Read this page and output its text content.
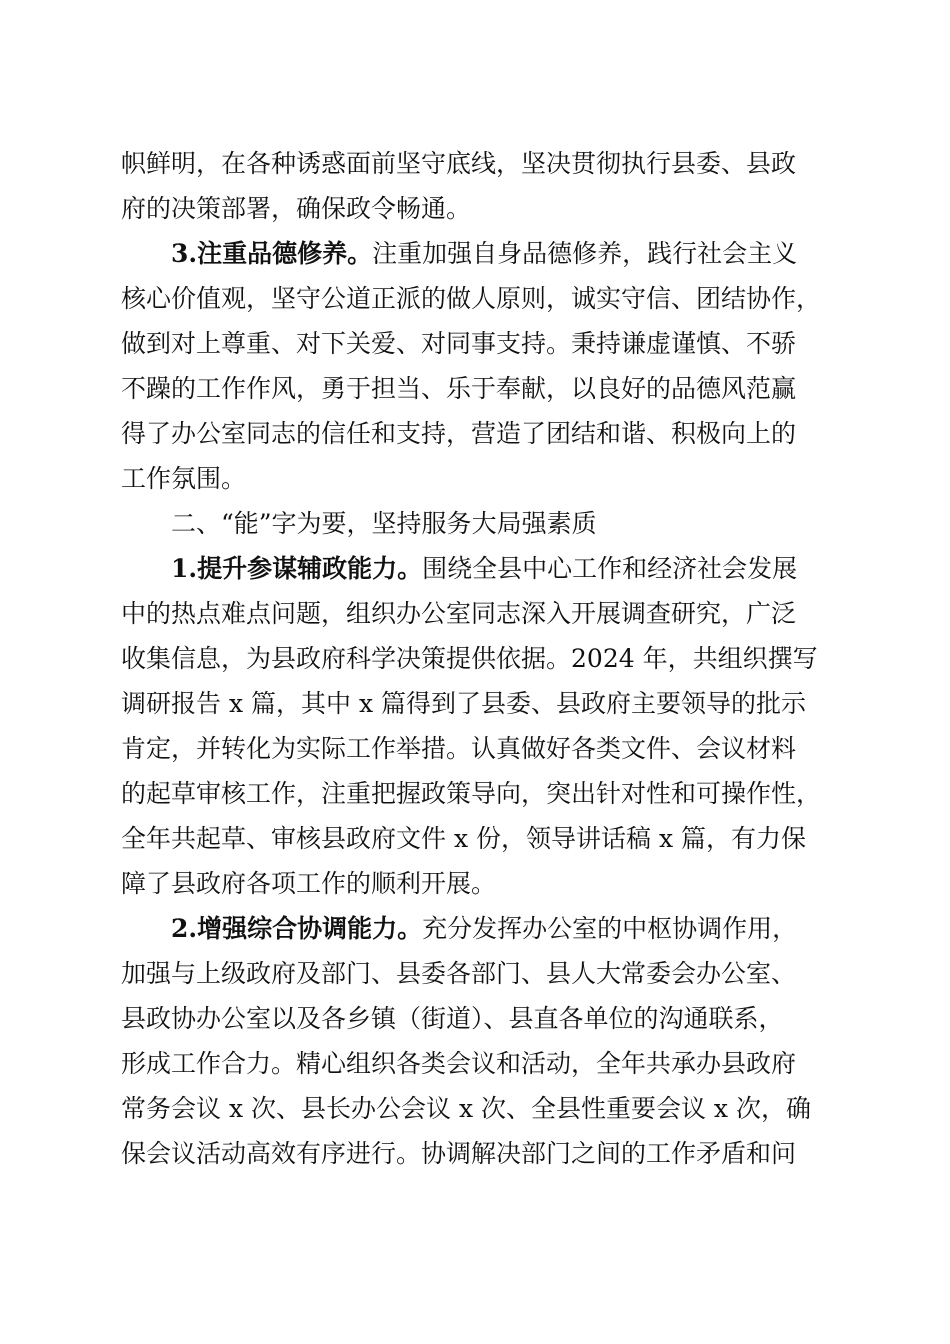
帜鲜明，在各种诱惑面前坚守底线，坚决贯彻执行县委、县政
府的决策部署，确保政令畅通。
3.注重品德修养。注重加强自身品德修养，践行社会主义
核心价值观，坚守公道正派的做人原则，诚实守信、团结协作，
做到对上尊重、对下关爱、对同事支持。秉持谦虚谨慎、不骄
不躁的工作作风，勇于担当、乐于奉献，以良好的品德风范赢
得了办公室同志的信任和支持，营造了团结和谐、积极向上的
工作氛围。
二、“能”字为要，坚持服务大局强素质
1.提升参谋辅政能力。围绕全县中心工作和经济社会发展
中的热点难点问题，组织办公室同志深入开展调查研究，广泛
收集信息，为县政府科学决策提供依据。2024 年，共组织撰写
调研报告 x 篇，其中 x 篇得到了县委、县政府主要领导的批示
肯定，并转化为实际工作举措。认真做好各类文件、会议材料
的起草审核工作，注重把握政策导向，突出针对性和可操作性，
全年共起草、审核县政府文件 x 份，领导讲话稿 x 篇，有力保
障了县政府各项工作的顺利开展。
2.增强综合协调能力。充分发挥办公室的中枢协调作用，
加强与上级政府及部门、县委各部门、县人大常委会办公室、
县政协办公室以及各乡镇（街道）、县直各单位的沟通联系，
形成工作合力。精心组织各类会议和活动，全年共承办县政府
常务会议 x 次、县长办公会议 x 次、全县性重要会议 x 次，确
保会议活动高效有序进行。协调解决部门之间的工作矛盾和问
